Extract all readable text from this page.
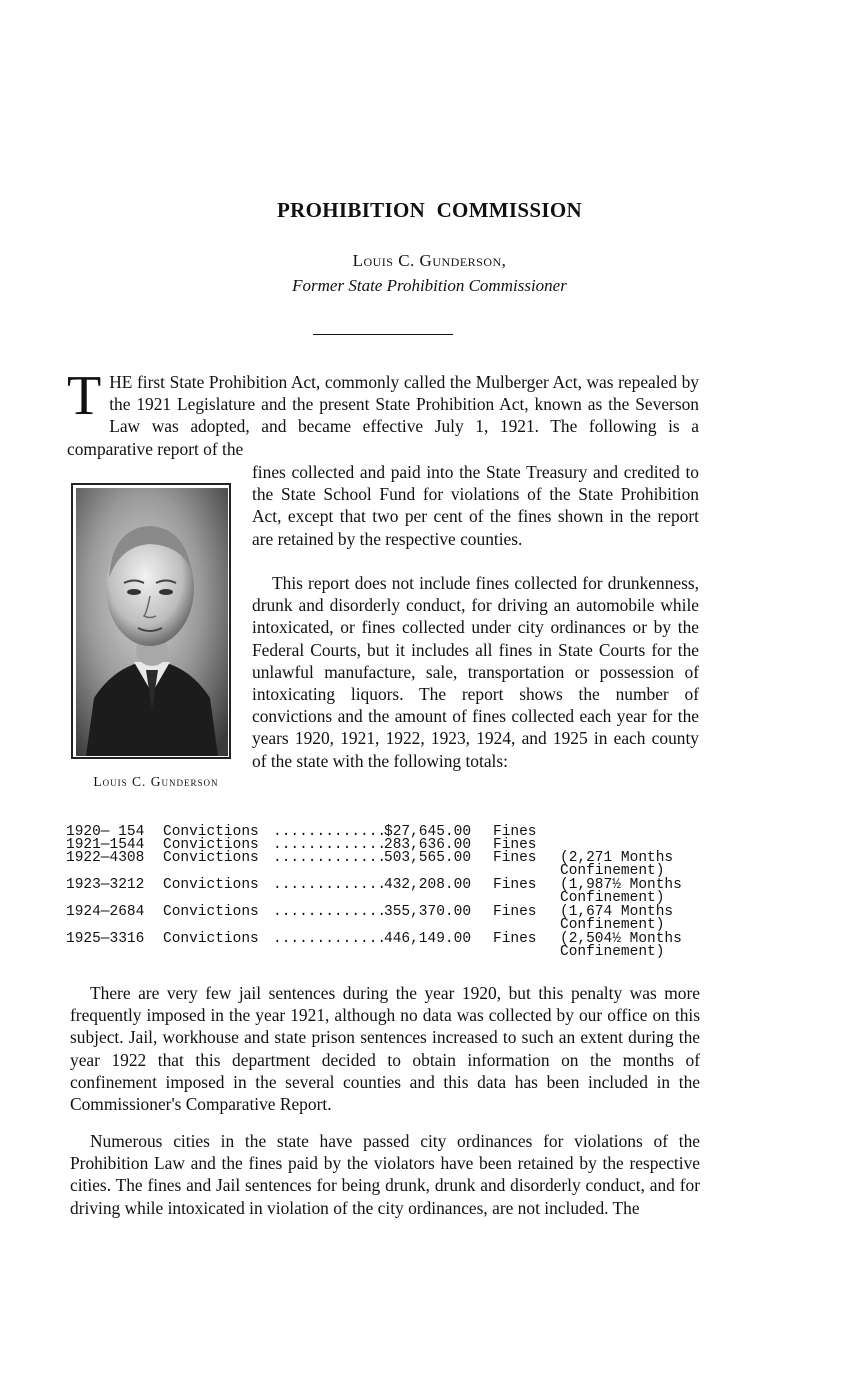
PROHIBITION COMMISSION
Louis C. Gunderson,
Former State Prohibition Commissioner

THE first State Prohibition Act, commonly called the Mulberger Act, was repealed by the 1921 Legislature and the present State Prohibition Act, known as the Severson Law was adopted, and became effective July 1, 1921. The following is a comparative report of the

Louis C. Gunderson

fines collected and paid into the State Treasury and credited to the State School Fund for violations of the State Prohibition Act, except that two per cent of the fines shown in the report are retained by the respective counties.

This report does not include fines collected for drunkenness, drunk and disorderly conduct, for driving an automobile while intoxicated, or fines collected under city ordinances or by the Federal Courts, but it includes all fines in State Courts for the unlawful manufacture, sale, transportation or possession of intoxicating liquors. The report shows the number of convictions and the amount of fines collected each year for the years 1920, 1921, 1922, 1923, 1924, and 1925 in each county of the state with the following totals:

1920— 154 Convictions .............
$27,645.00 Fines
1921—1544 Convictions .............
283,636.00 Fines
1922—4308 Convictions .............
503,565.00 Fines (2,271 Months Confinement)
1923—3212 Convictions .............
432,208.00 Fines (1,987½ Months Confinement)
1924—2684 Convictions .............
355,370.00 Fines (1,674 Months Confinement)
1925—3316 Convictions .............
446,149.00 Fines (2,504½ Months Confinement)

There are very few jail sentences during the year 1920, but this penalty was more frequently imposed in the year 1921, although no data was collected by our office on this subject. Jail, workhouse and state prison sentences increased to such an extent during the year 1922 that this department decided to obtain information on the months of confinement imposed in the several counties and this data has been included in the Commissioner's Comparative Report.

Numerous cities in the state have passed city ordinances for violations of the Prohibition Law and the fines paid by the violators have been retained by the respective cities. The fines and Jail sentences for being drunk, drunk and disorderly conduct, and for driving while intoxicated in violation of the city ordinances, are not included. The
